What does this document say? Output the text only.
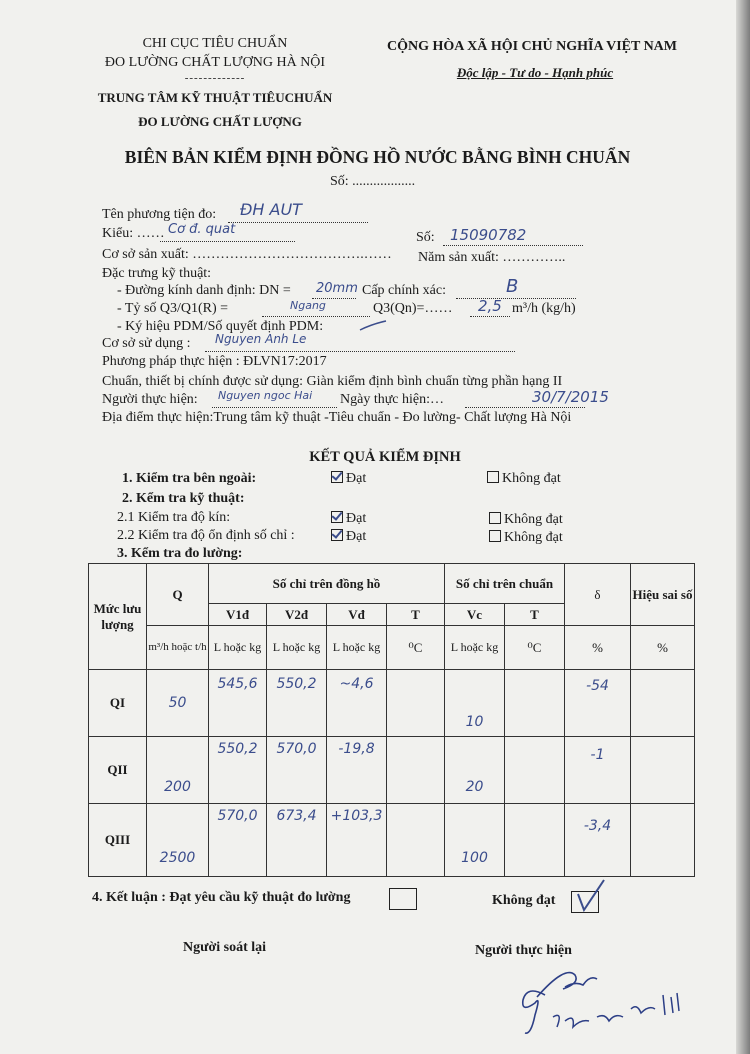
CHI CỤC TIÊU CHUẨN
ĐO LƯỜNG CHẤT LƯỢNG HÀ NỘI
-------------
TRUNG TÂM KỸ THUẬT TIÊUCHUẨN
ĐO LƯỜNG CHẤT LƯỢNG
CỘNG HÒA XÃ HỘI CHỦ NGHĨA VIỆT NAM
Độc lập - Tư do - Hạnh phúc
BIÊN BẢN KIỂM ĐỊNH ĐỒNG HỒ NƯỚC BẰNG BÌNH CHUẨN
Số: ..................
Tên phương tiện đo: ĐH AUT
Kiểu: …… Cơ đ. quat
Số: 15090782
Cơ sở sản xuất: ……………………………….…… Năm sản xuất: …………..
Đặc trưng kỹ thuật:
- Đường kính danh định: DN = 20mm Cấp chính xác:	B
- Tỷ số Q3/Q1(R) =	Ngang	Q3(Qn)=…… 2,5 m³/h (kg/h)
- Ký hiệu PDM/Số quyết định PDM:
Cơ sở sử dụng : Nguyen Anh Le
Phương pháp thực hiện : ĐLVN17:2017
Chuẩn, thiết bị chính được sử dụng: Giàn kiểm định bình chuẩn từng phần hạng II
Người thực hiện: Nguyen ngoc Hai Ngày thực hiện:…	30/7/2015
Địa điểm thực hiện:Trung tâm kỹ thuật -Tiêu chuẩn - Đo lường- Chất lượng Hà Nội
KẾT QUẢ KIỂM ĐỊNH
1. Kiểm tra bên ngoài:	Đạt	Không đạt
2. Kểm tra kỹ thuật:
2.1 Kiểm tra độ kín:	Đạt	Không đạt
2.2 Kiểm tra độ ổn định số chỉ :	Đạt	Không đạt
3. Kểm tra đo lường:
Mức lưu lượng	Q	Số chỉ trên đồng hồ				Số chỉ trên chuẩn		δ	Hiệu sai số
		V1đ	V2đ	Vđ	T	Vc	T		
	m³/h hoặc t/h	L hoặc kg	L hoặc kg	L hoặc kg	⁰C	L hoặc kg	⁰C	%	%
QI	50	545,6	550,2	~4,6		10		-54	
QII	200	550,2	570,0	-19,8		20		-1	
QIII	2500	570,0	673,4	+103,3		100		-3,4	
4. Kết luận : Đạt yêu cầu kỹ thuật đo lường	Không đạt
Người soát lại	Người thực hiện
